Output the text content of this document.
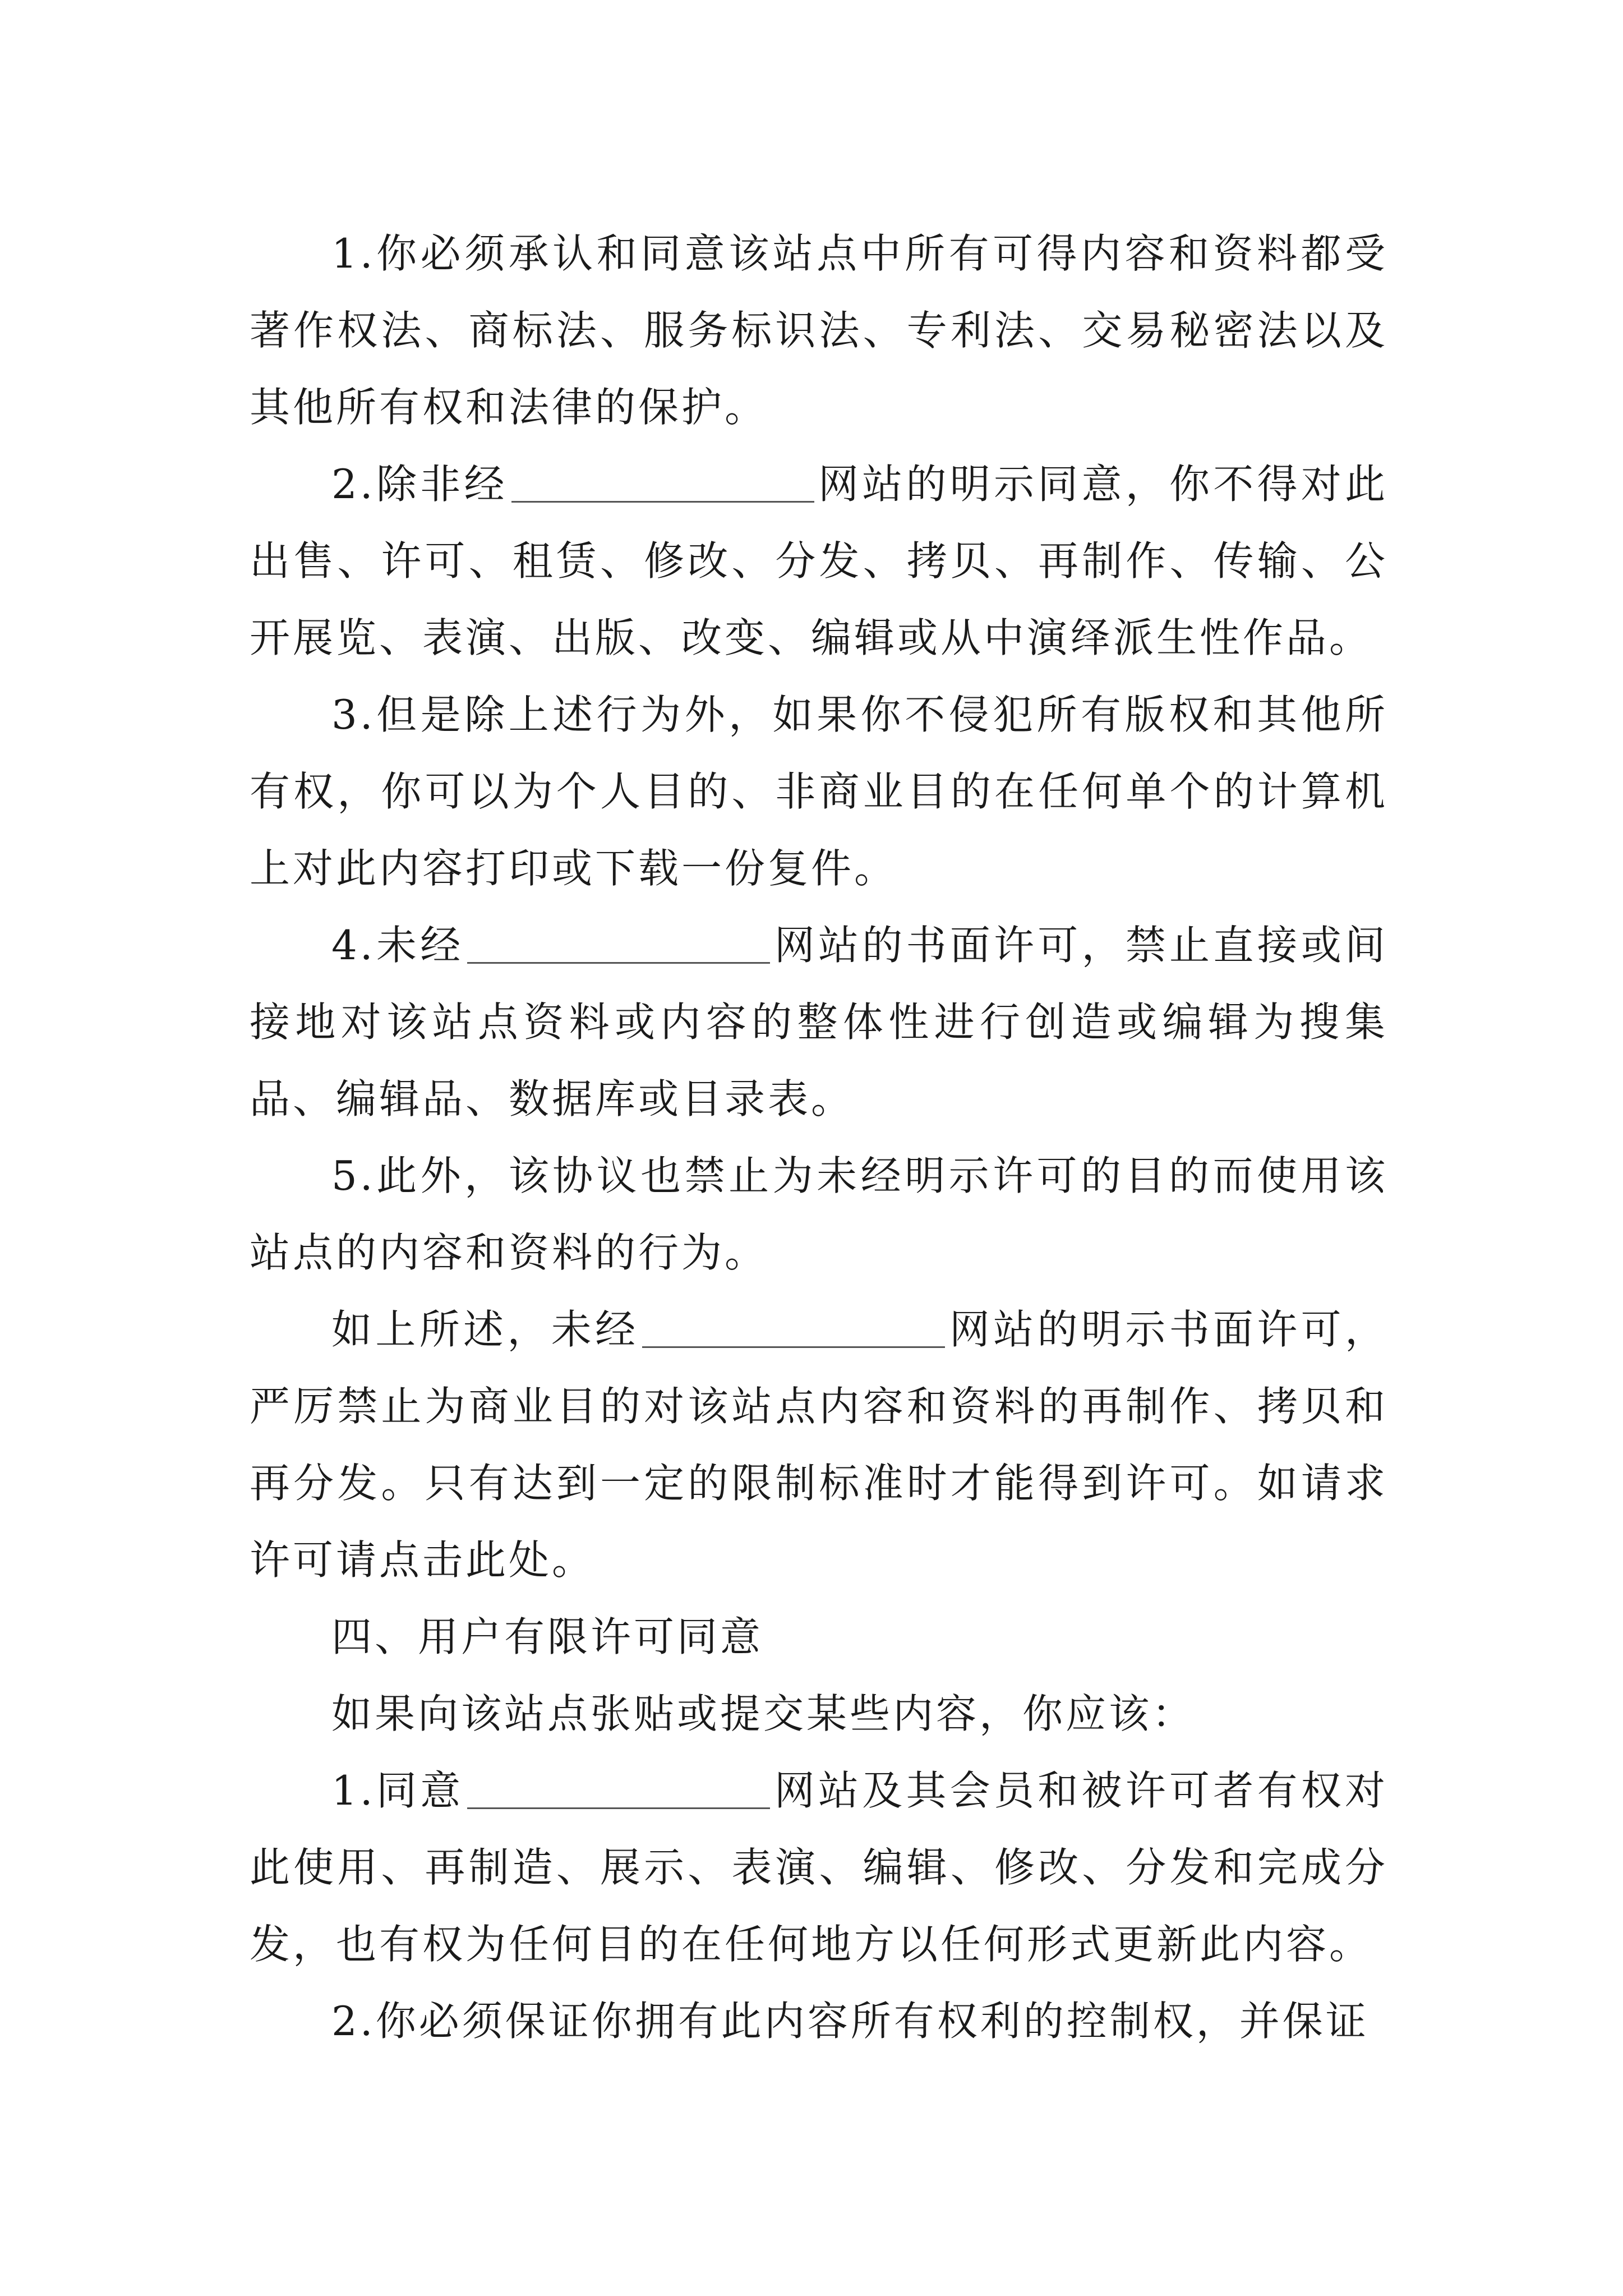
1.你必须承认和同意该站点中所有可得内容和资料都受著作权法、商标法、服务标识法、专利法、交易秘密法以及其他所有权和法律的保护。

2.除非经	网站的明示同意，你不得对此出售、许可、租赁、修改、分发、拷贝、再制作、传输、公开展览、表演、出版、改变、编辑或从中演绎派生性作品。

3.但是除上述行为外，如果你不侵犯所有版权和其他所有权，你可以为个人目的、非商业目的在任何单个的计算机上对此内容打印或下载一份复件。

4.未经	网站的书面许可，禁止直接或间接地对该站点资料或内容的整体性进行创造或编辑为搜集品、编辑品、数据库或目录表。

5.此外，该协议也禁止为未经明示许可的目的而使用该站点的内容和资料的行为。

如上所述，未经	网站的明示书面许可，严厉禁止为商业目的对该站点内容和资料的再制作、拷贝和再分发。只有达到一定的限制标准时才能得到许可。如请求许可请点击此处。

四、用户有限许可同意

如果向该站点张贴或提交某些内容，你应该：

1.同意	网站及其会员和被许可者有权对此使用、再制造、展示、表演、编辑、修改、分发和完成分发，也有权为任何目的在任何地方以任何形式更新此内容。

2.你必须保证你拥有此内容所有权利的控制权，并保证
